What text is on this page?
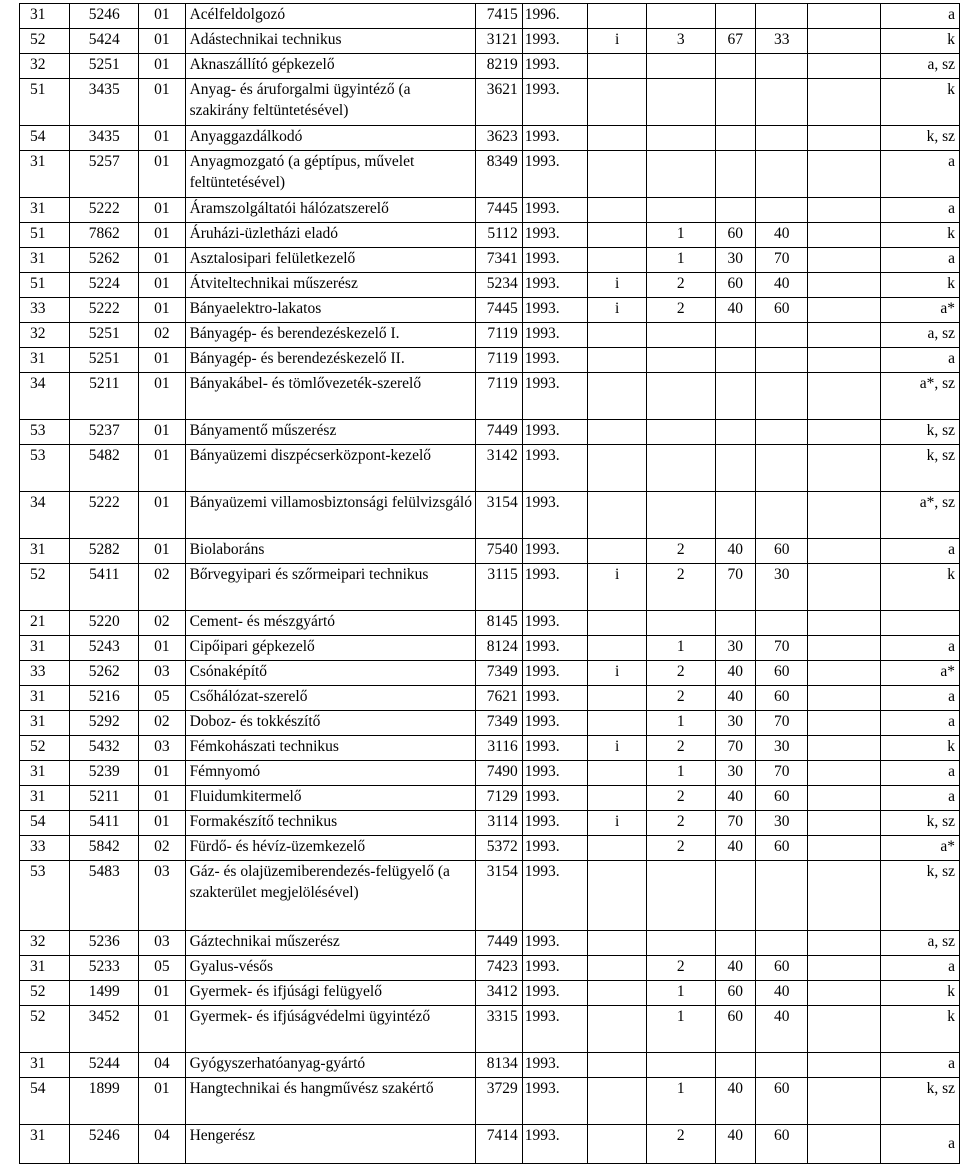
31	5246	01	Acélfeldolgozó	7415	1996.						a
52	5424	01	Adástechnikai technikus	3121	1993.	i	3	67	33		k
32	5251	01	Aknaszállító gépkezelő	8219	1993.						a, sz
51	3435	01	Anyag- és áruforgalmi ügyintéző (a szakirány feltüntetésével)	3621	1993.						k
54	3435	01	Anyaggazdálkodó	3623	1993.						k, sz
31	5257	01	Anyagmozgató (a géptípus, művelet feltüntetésével)	8349	1993.						a
31	5222	01	Áramszolgáltatói hálózatszerelő	7445	1993.						a
51	7862	01	Áruházi-üzletházi eladó	5112	1993.		1	60	40		k
31	5262	01	Asztalosipari felületkezelő	7341	1993.		1	30	70		a
51	5224	01	Átviteltechnikai műszerész	5234	1993.	i	2	60	40		k
33	5222	01	Bányaelektro-lakatos	7445	1993.	i	2	40	60		a*
32	5251	02	Bányagép- és berendezéskezelő I.	7119	1993.						a, sz
31	5251	01	Bányagép- és berendezéskezelő II.	7119	1993.						a
34	5211	01	Bányakábel- és tömlővezeték-szerelő	7119	1993.						a*, sz
53	5237	01	Bányamentő műszerész	7449	1993.						k, sz
53	5482	01	Bányaüzemi diszpécserközpont-kezelő	3142	1993.						k, sz
34	5222	01	Bányaüzemi villamosbiztonsági felülvizsgáló	3154	1993.						a*, sz
31	5282	01	Biolaboráns	7540	1993.		2	40	60		a
52	5411	02	Bőrvegyipari és szőrmeipari technikus	3115	1993.	i	2	70	30		k
21	5220	02	Cement- és mészgyártó	8145	1993.						
31	5243	01	Cipőipari gépkezelő	8124	1993.		1	30	70		a
33	5262	03	Csónaképítő	7349	1993.	i	2	40	60		a*
31	5216	05	Csőhálózat-szerelő	7621	1993.		2	40	60		a
31	5292	02	Doboz- és tokkészítő	7349	1993.		1	30	70		a
52	5432	03	Fémkohászati technikus	3116	1993.	i	2	70	30		k
31	5239	01	Fémnyomó	7490	1993.		1	30	70		a
31	5211	01	Fluidumkitermelő	7129	1993.		2	40	60		a
54	5411	01	Formakészítő technikus	3114	1993.	i	2	70	30		k, sz
33	5842	02	Fürdő- és hévíz-üzemkezelő	5372	1993.		2	40	60		a*
53	5483	03	Gáz- és olajüzemiberendezés-felügyelő (a szakterület megjelölésével)	3154	1993.						k, sz
32	5236	03	Gáztechnikai műszerész	7449	1993.						a, sz
31	5233	05	Gyalus-vésős	7423	1993.		2	40	60		a
52	1499	01	Gyermek- és ifjúsági felügyelő	3412	1993.		1	60	40		k
52	3452	01	Gyermek- és ifjúságvédelmi ügyintéző	3315	1993.		1	60	40		k
31	5244	04	Gyógyszerhatóanyag-gyártó	8134	1993.						a
54	1899	01	Hangtechnikai és hangművész szakértő	3729	1993.		1	40	60		k, sz
31	5246	04	Hengerész	7414	1993.		2	40	60		a
